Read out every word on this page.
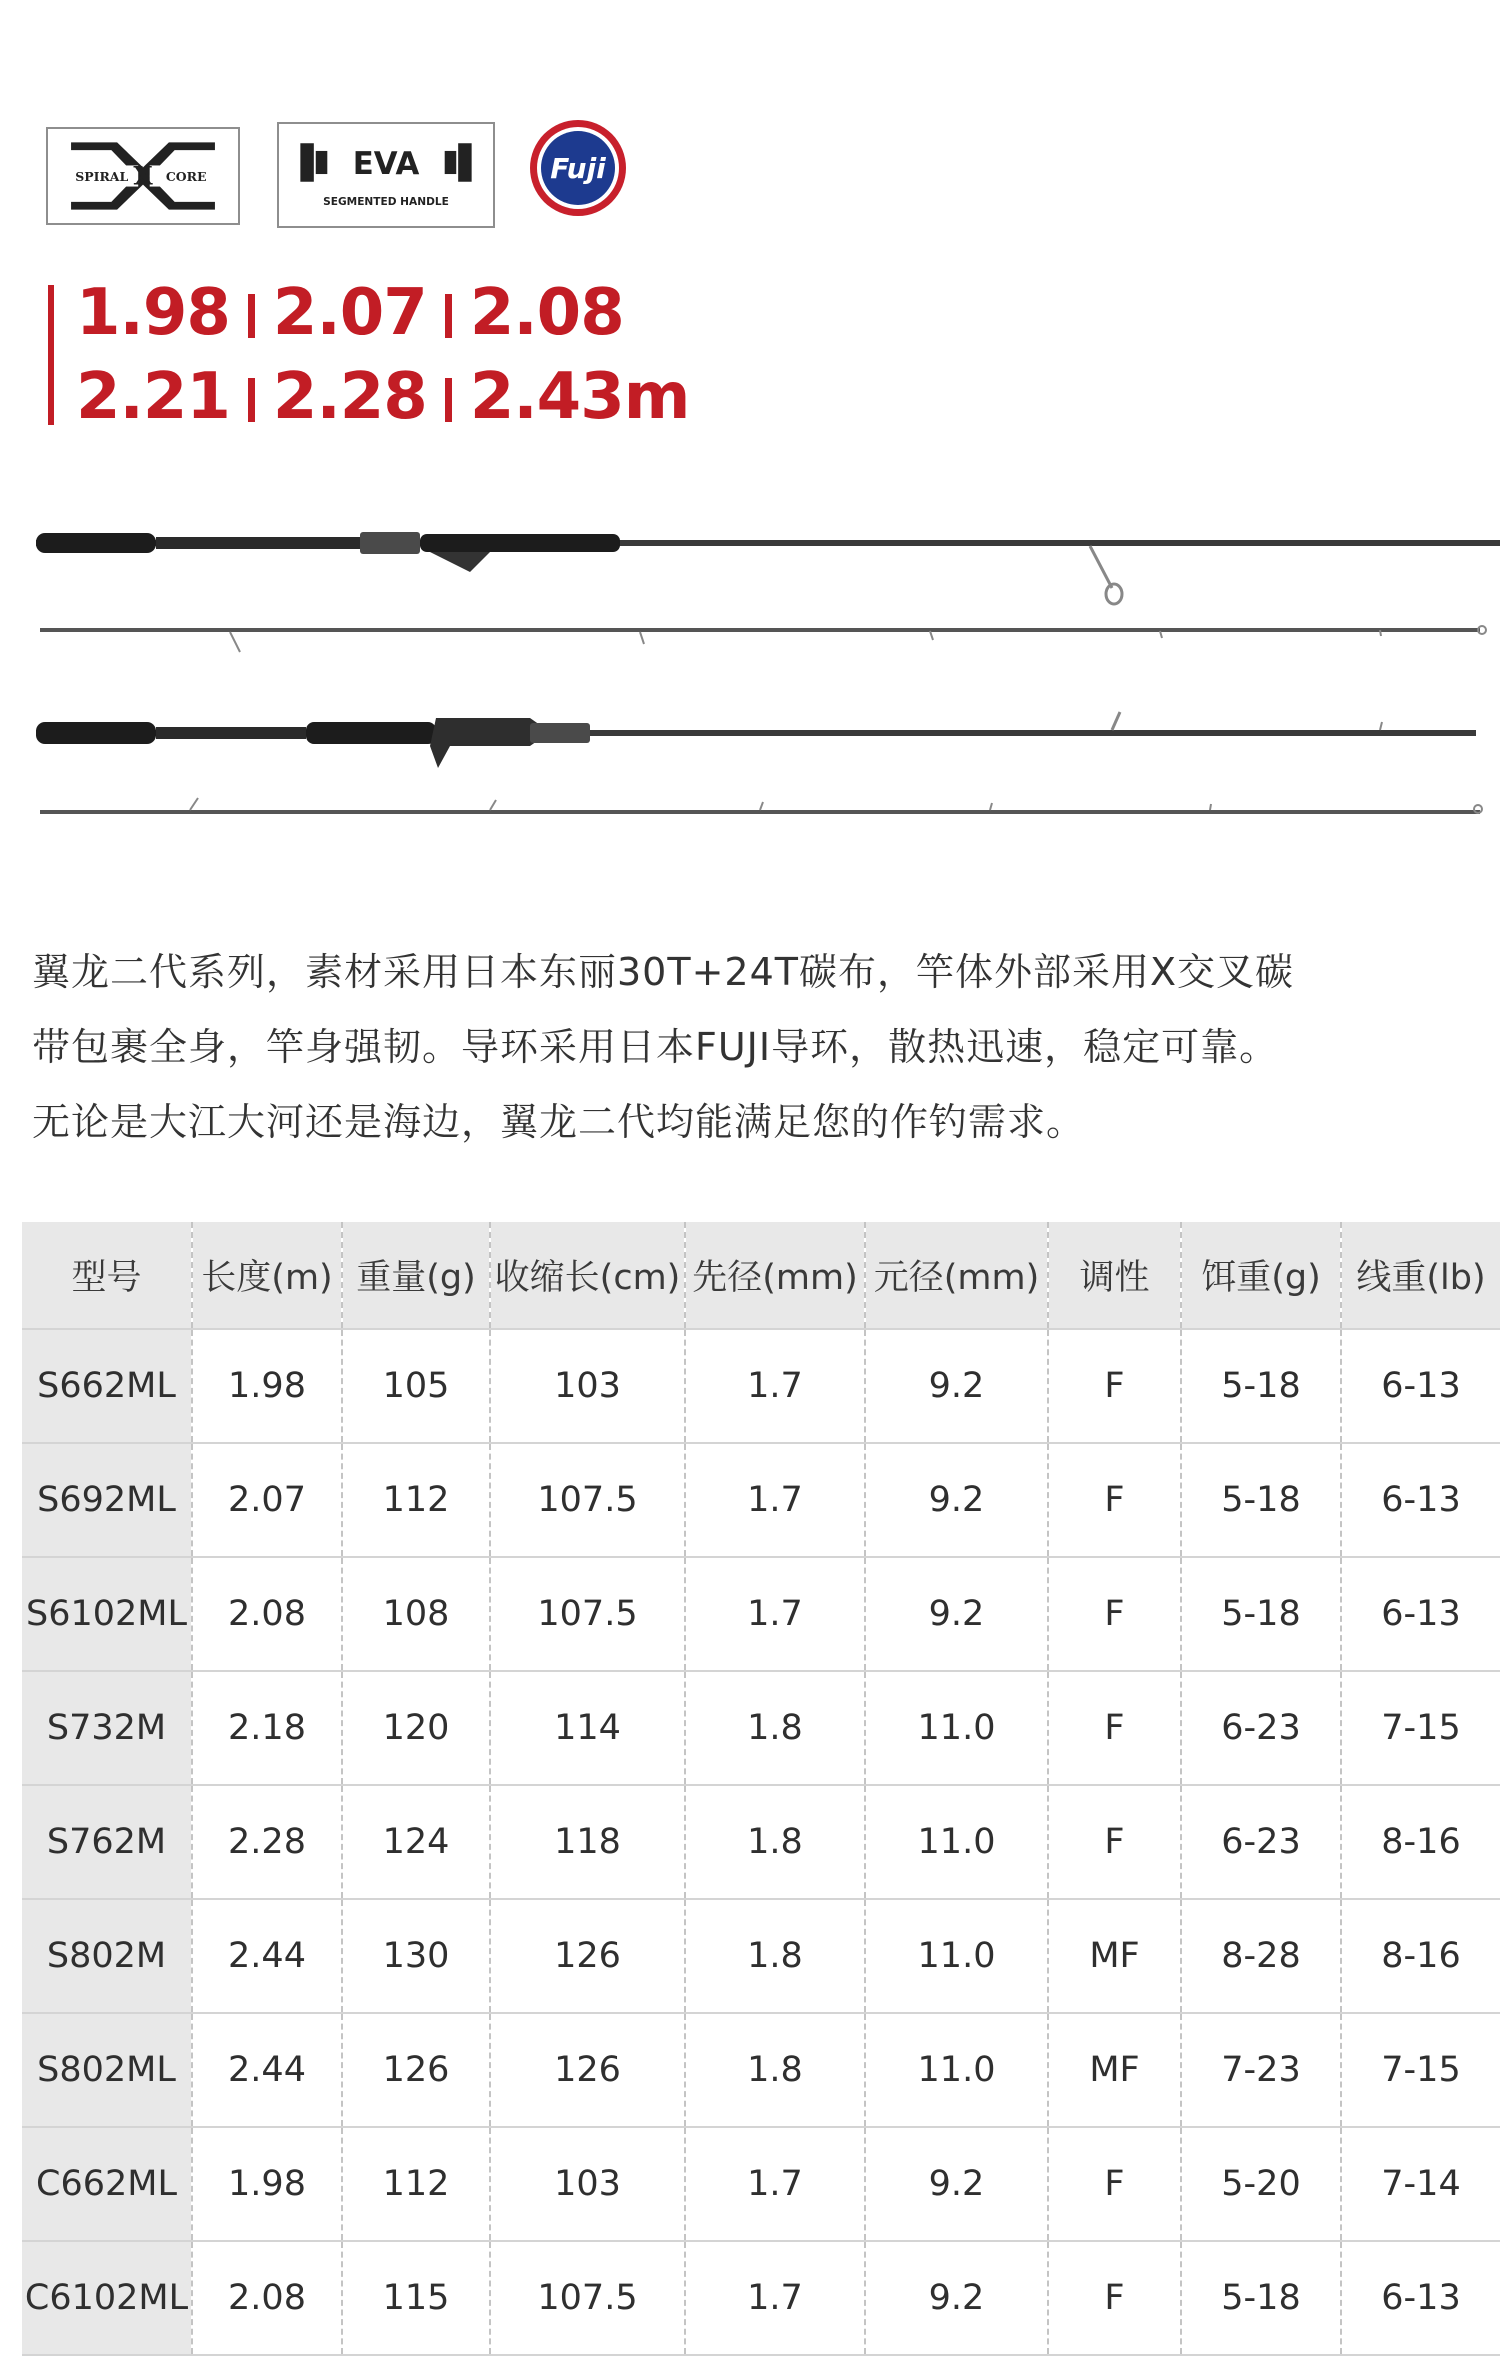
SPIRAL X CORE	EVA
SEGMENTED HANDLE
Fuji
1.98 2.07 2.08
2.21 2.28 2.43m

翼龙二代系列，素材采用日本东丽30T+24T碳布，竿体外部采用X交叉碳

带包裹全身，竿身强韧。导环采用日本FUJI导环，散热迅速，稳定可靠。

无论是大江大河还是海边，翼龙二代均能满足您的作钓需求。

型号	长度(m)	重量(g)	收缩长(cm)	先径(mm)	元径(mm)	调性	饵重(g)	线重(lb)
S662ML	1.98	105	103	1.7	9.2	F	5-18	6-13
S692ML	2.07	112	107.5	1.7	9.2	F	5-18	6-13
S6102ML	2.08	108	107.5	1.7	9.2	F	5-18	6-13
S732M	2.18	120	114	1.8	11.0	F	6-23	7-15
S762M	2.28	124	118	1.8	11.0	F	6-23	8-16
S802M	2.44	130	126	1.8	11.0	MF	8-28	8-16
S802ML	2.44	126	126	1.8	11.0	MF	7-23	7-15
C662ML	1.98	112	103	1.7	9.2	F	5-20	7-14
C6102ML	2.08	115	107.5	1.7	9.2	F	5-18	6-13
